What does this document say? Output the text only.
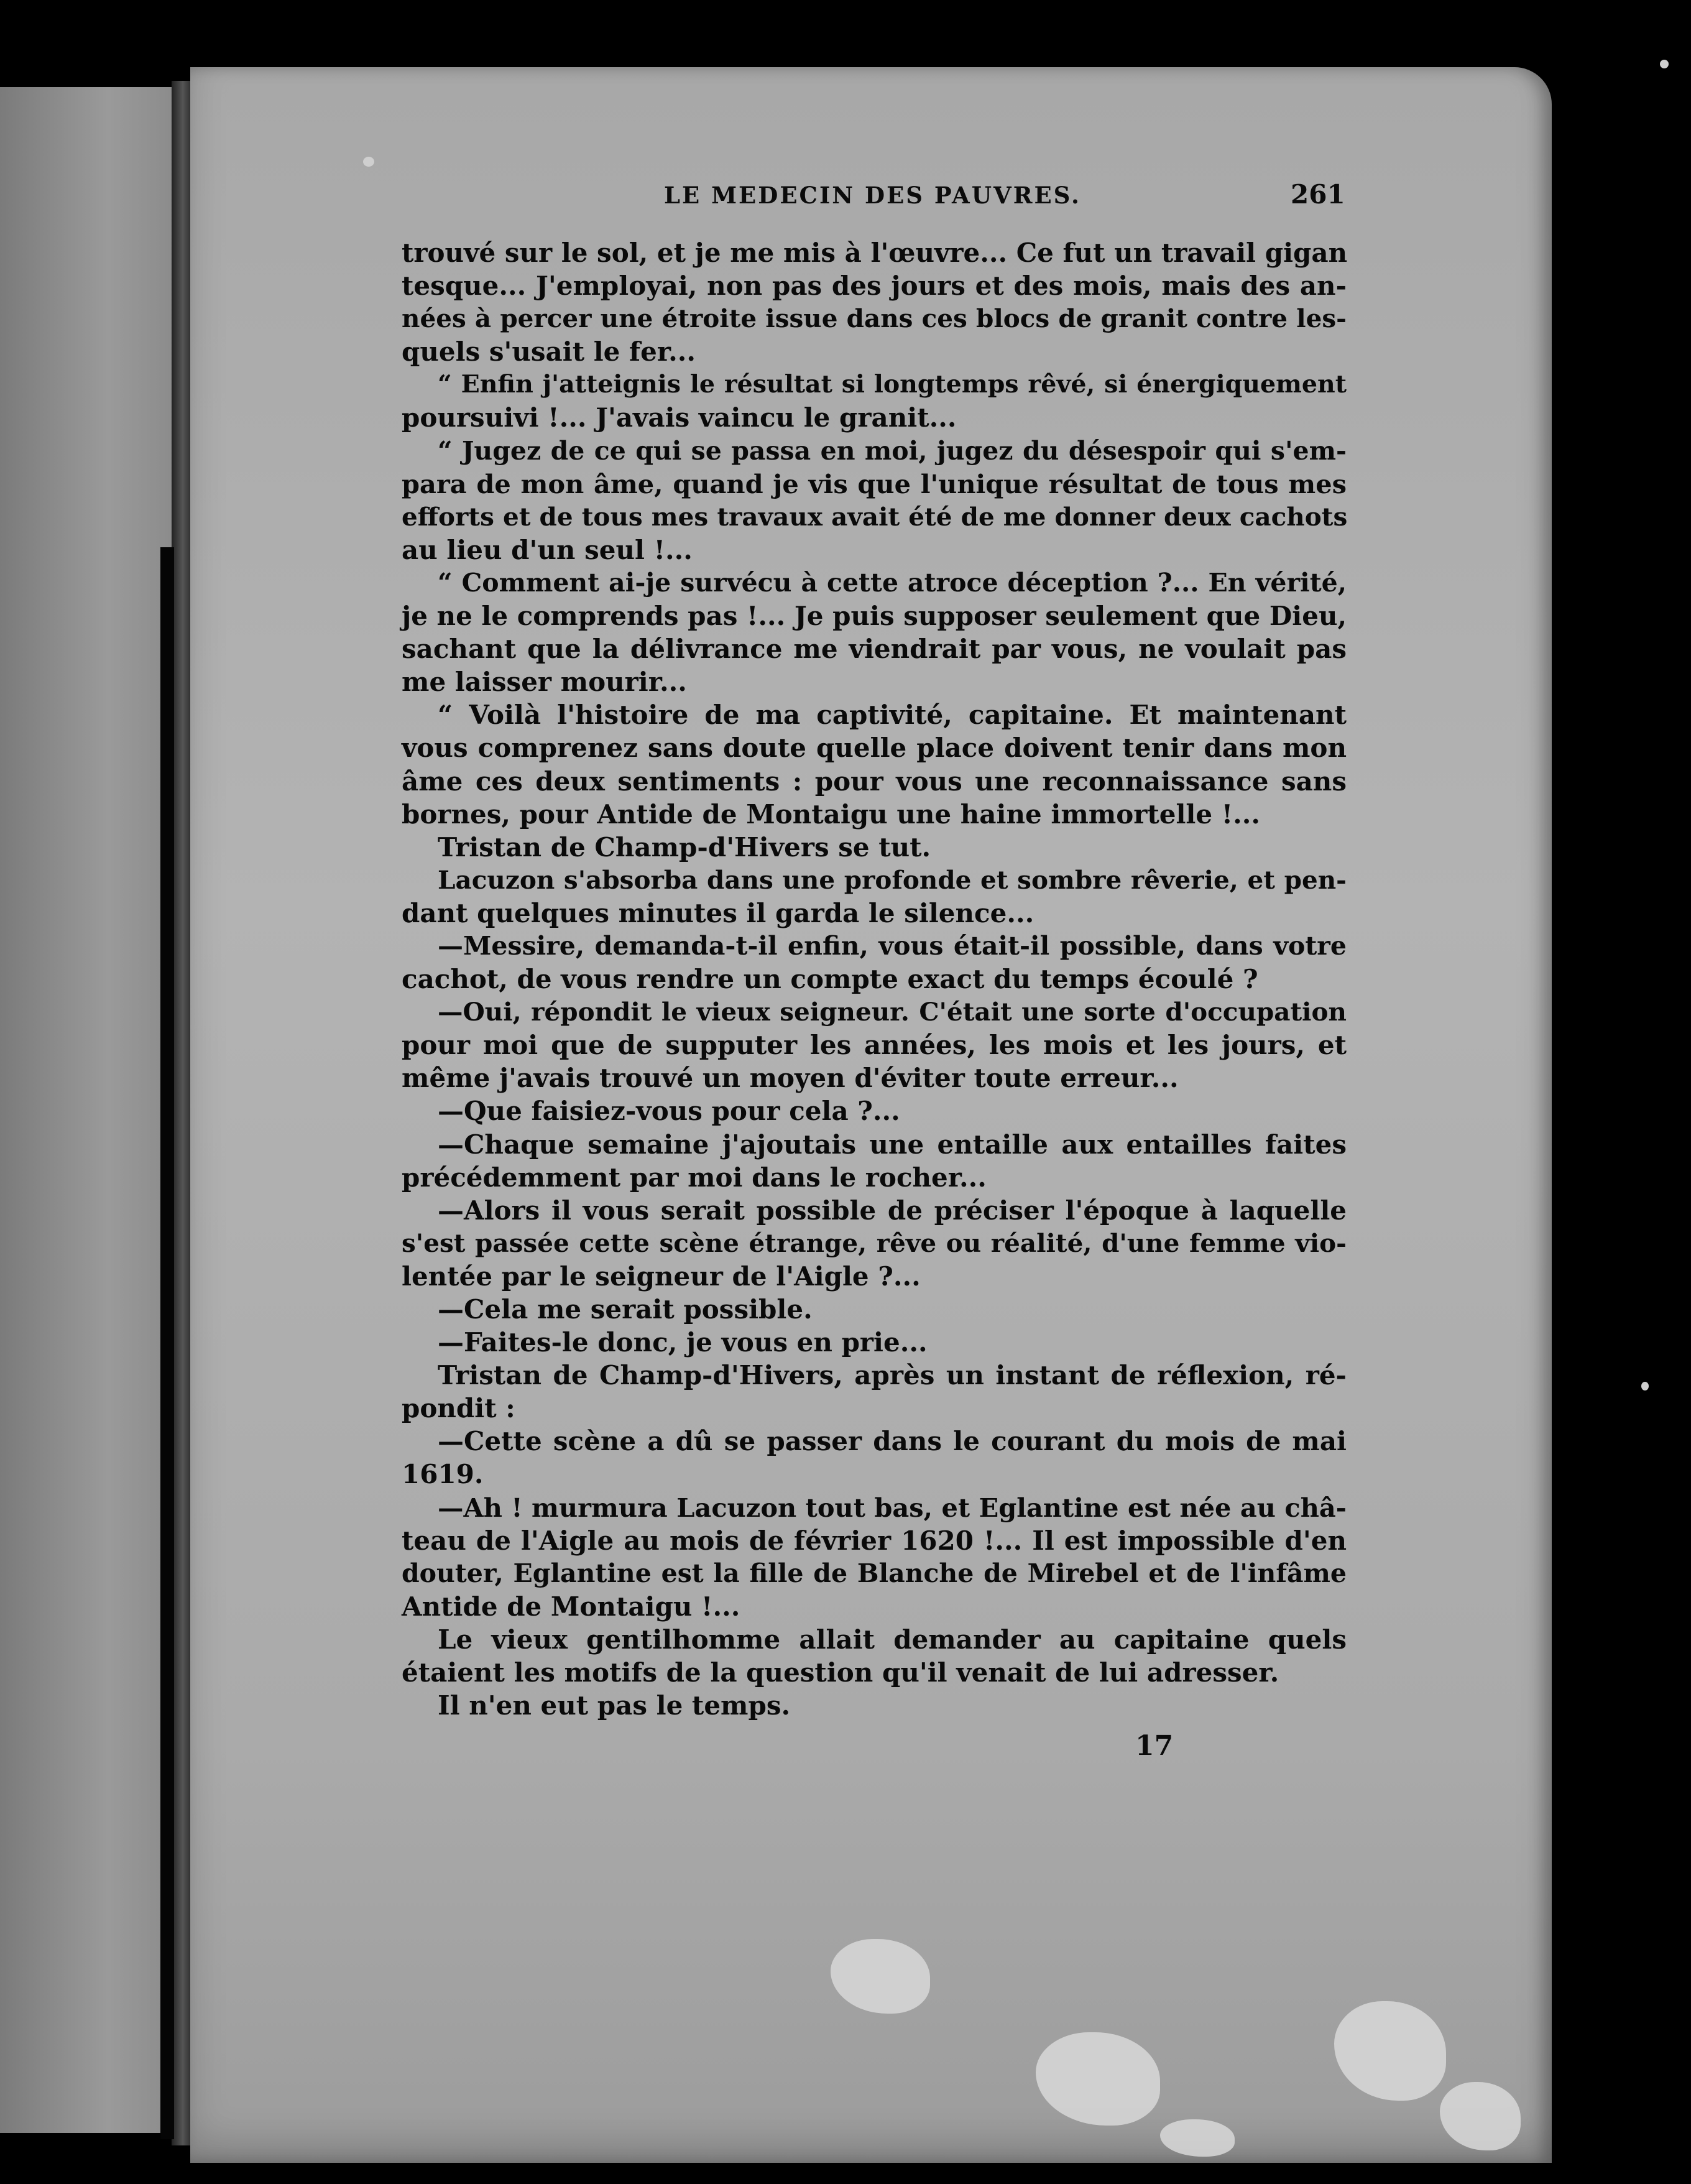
LE MEDECIN DES PAUVRES.	261
trouvé sur le sol, et je me mis à l'œuvre... Ce fut un travail gigan
tesque... J'employai, non pas des jours et des mois, mais des an-
nées à percer une étroite issue dans ces blocs de granit contre les-
quels s'usait le fer...
“ Enfin j'atteignis le résultat si longtemps rêvé, si énergiquement
poursuivi !... J'avais vaincu le granit...
“ Jugez de ce qui se passa en moi, jugez du désespoir qui s'em-
para de mon âme, quand je vis que l'unique résultat de tous mes
efforts et de tous mes travaux avait été de me donner deux cachots
au lieu d'un seul !...
“ Comment ai-je survécu à cette atroce déception ?... En vérité,
je ne le comprends pas !... Je puis supposer seulement que Dieu,
sachant que la délivrance me viendrait par vous, ne voulait pas
me laisser mourir...
“ Voilà l'histoire de ma captivité, capitaine. Et maintenant
vous comprenez sans doute quelle place doivent tenir dans mon
âme ces deux sentiments : pour vous une reconnaissance sans
bornes, pour Antide de Montaigu une haine immortelle !...
Tristan de Champ-d'Hivers se tut.
Lacuzon s'absorba dans une profonde et sombre rêverie, et pen-
dant quelques minutes il garda le silence...
—Messire, demanda-t-il enfin, vous était-il possible, dans votre
cachot, de vous rendre un compte exact du temps écoulé ?
—Oui, répondit le vieux seigneur. C'était une sorte d'occupation
pour moi que de supputer les années, les mois et les jours, et
même j'avais trouvé un moyen d'éviter toute erreur...
—Que faisiez-vous pour cela ?...
—Chaque semaine j'ajoutais une entaille aux entailles faites
précédemment par moi dans le rocher...
—Alors il vous serait possible de préciser l'époque à laquelle
s'est passée cette scène étrange, rêve ou réalité, d'une femme vio-
lentée par le seigneur de l'Aigle ?...
—Cela me serait possible.
—Faites-le donc, je vous en prie...
Tristan de Champ-d'Hivers, après un instant de réflexion, ré-
pondit :
—Cette scène a dû se passer dans le courant du mois de mai
1619.
—Ah ! murmura Lacuzon tout bas, et Eglantine est née au châ-
teau de l'Aigle au mois de février 1620 !... Il est impossible d'en
douter, Eglantine est la fille de Blanche de Mirebel et de l'infâme
Antide de Montaigu !...
Le vieux gentilhomme allait demander au capitaine quels
étaient les motifs de la question qu'il venait de lui adresser.
Il n'en eut pas le temps.
17
